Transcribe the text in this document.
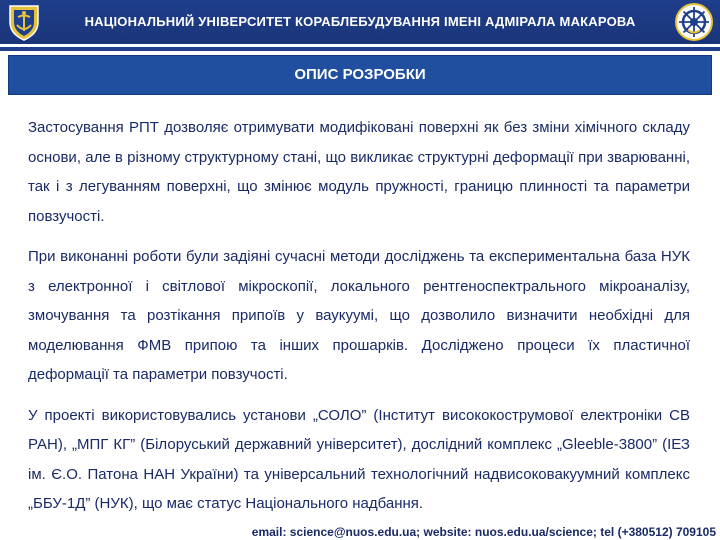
НАЦІОНАЛЬНИЙ УНІВЕРСИТЕТ КОРАБЛЕБУДУВАННЯ ІМЕНІ АДМІРАЛА МАКАРОВА
ОПИС РОЗРОБКИ

Застосування РПТ дозволяє отримувати модифіковані поверхні як без зміни хімічного складу основи, але в різному структурному стані, що викликає структурні деформації при зварюванні, так і з легуванням поверхні, що змінює модуль пружності, границю плинності та параметри повзучості.

При виконанні роботи були задіяні сучасні методи досліджень та експериментальна база НУК з електронної і світлової мікроскопії, локального рентгеноспектрального мікроаналізу, змочування та розтікання припоїв у ваукуумі, що дозволило визначити необхідні для моделювання ФМВ припою та інших прошарків. Досліджено процеси їх пластичної деформації та параметри повзучості.

У проекті використовувались установи „СОЛО” (Інститут висококострумової електроніки СВ РАН), „МПГ КГ” (Білоруський державний університет), дослідний комплекс „Gleeble-3800” (ІЕЗ ім. Є.О. Патона НАН України) та універсальний технологічний надвисоковакуумний комплекс „ББУ-1Д” (НУК), що має статус Національного надбання.

email: science@nuos.edu.ua; website: nuos.edu.ua/science; tel (+380512) 709105
